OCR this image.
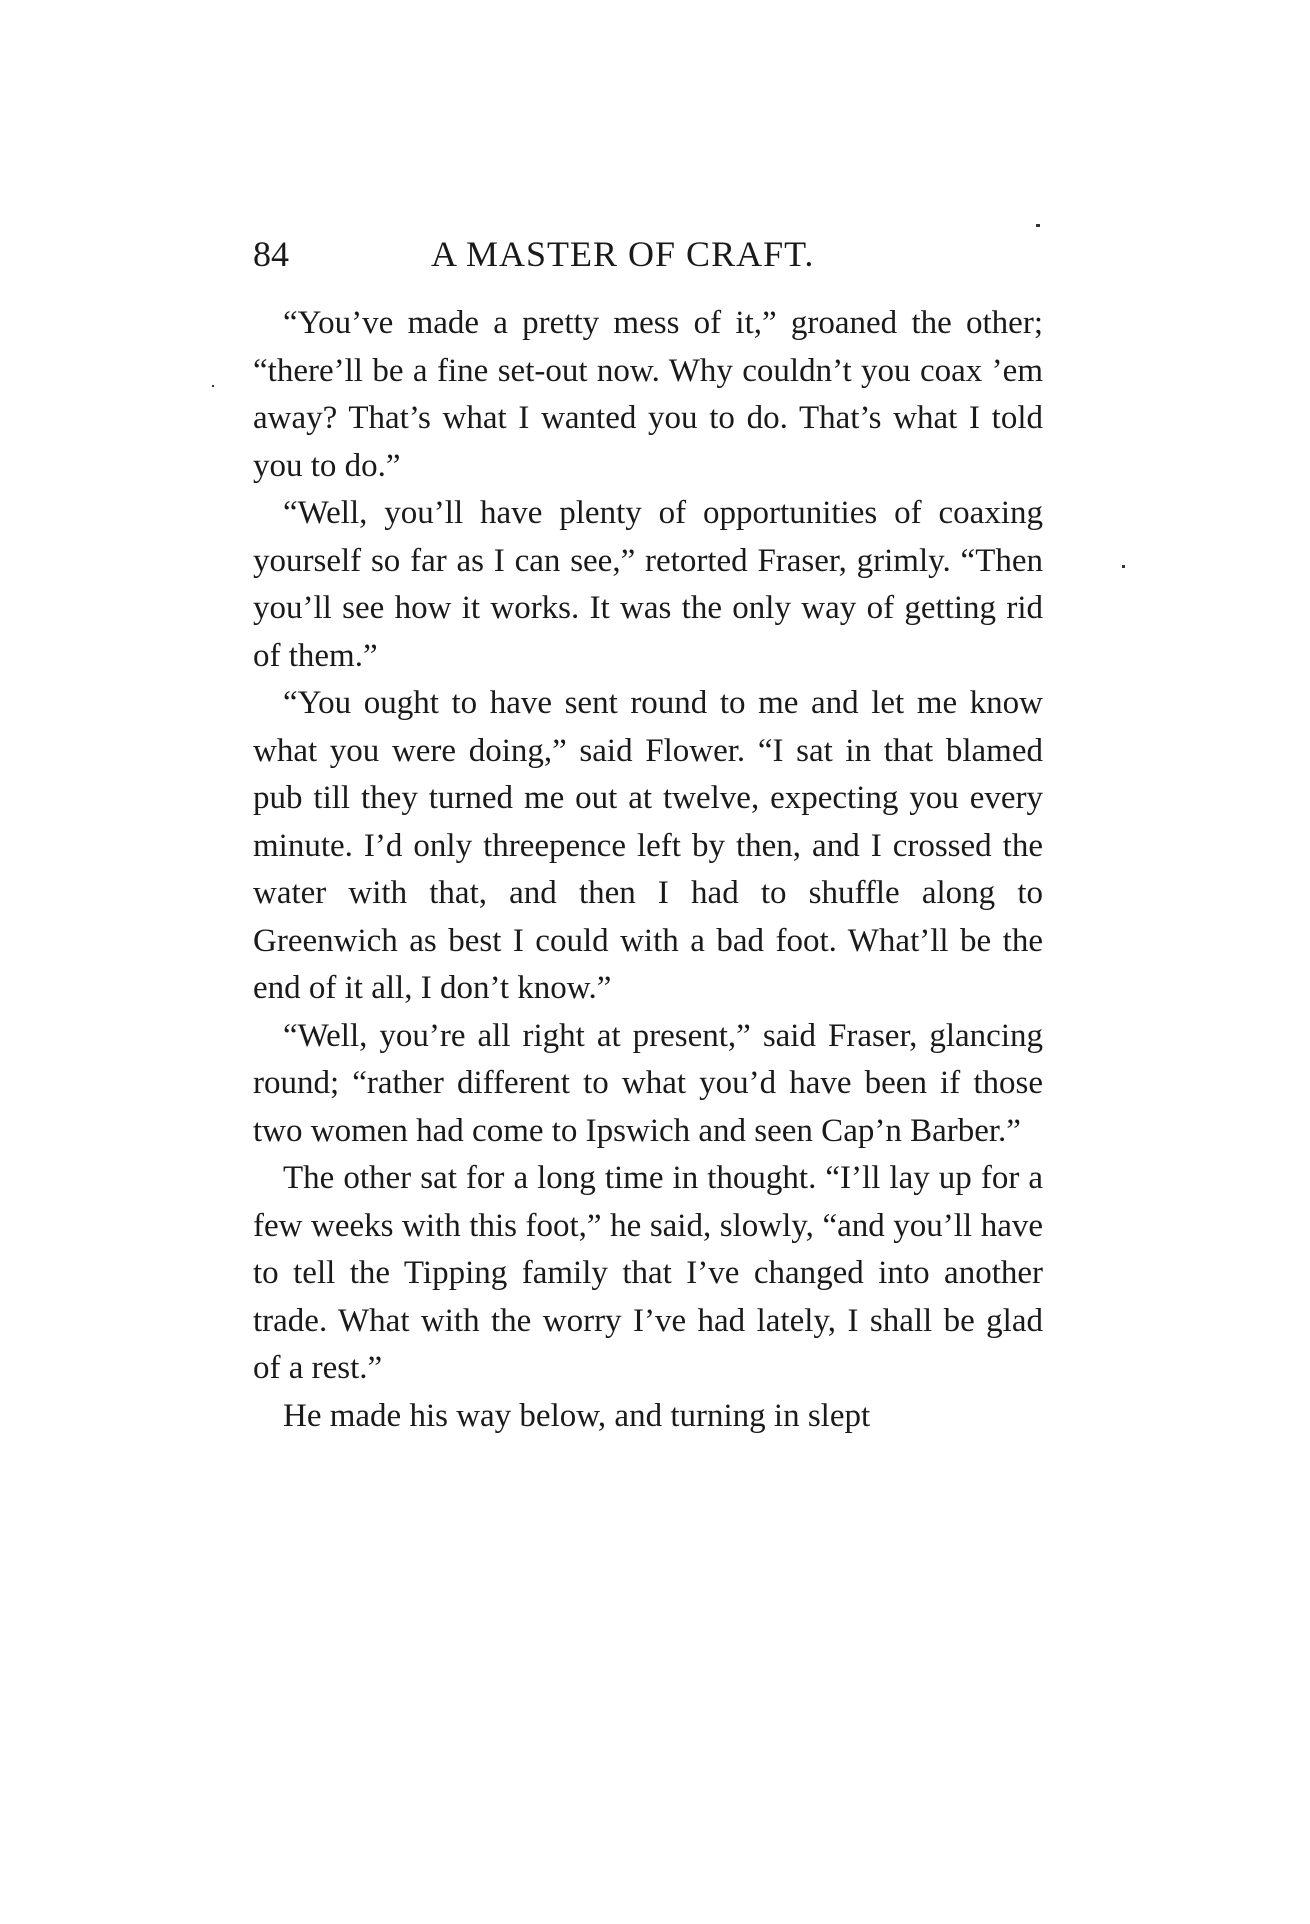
84	A MASTER OF CRAFT.

“You’ve made a pretty mess of it,” groaned the other; “there’ll be a fine set-out now. Why couldn’t you coax ’em away? That’s what I wanted you to do. That’s what I told you to do.”

“Well, you’ll have plenty of opportunities of coaxing yourself so far as I can see,” retorted Fraser, grimly. “Then you’ll see how it works. It was the only way of getting rid of them.”

“You ought to have sent round to me and let me know what you were doing,” said Flower. “I sat in that blamed pub till they turned me out at twelve, expecting you every minute. I’d only threepence left by then, and I crossed the water with that, and then I had to shuffle along to Greenwich as best I could with a bad foot. What’ll be the end of it all, I don’t know.”

“Well, you’re all right at present,” said Fraser, glancing round; “rather different to what you’d have been if those two women had come to Ipswich and seen Cap’n Barber.”

The other sat for a long time in thought. “I’ll lay up for a few weeks with this foot,” he said, slowly, “and you’ll have to tell the Tipping family that I’ve changed into another trade. What with the worry I’ve had lately, I shall be glad of a rest.”

He made his way below, and turning in slept
